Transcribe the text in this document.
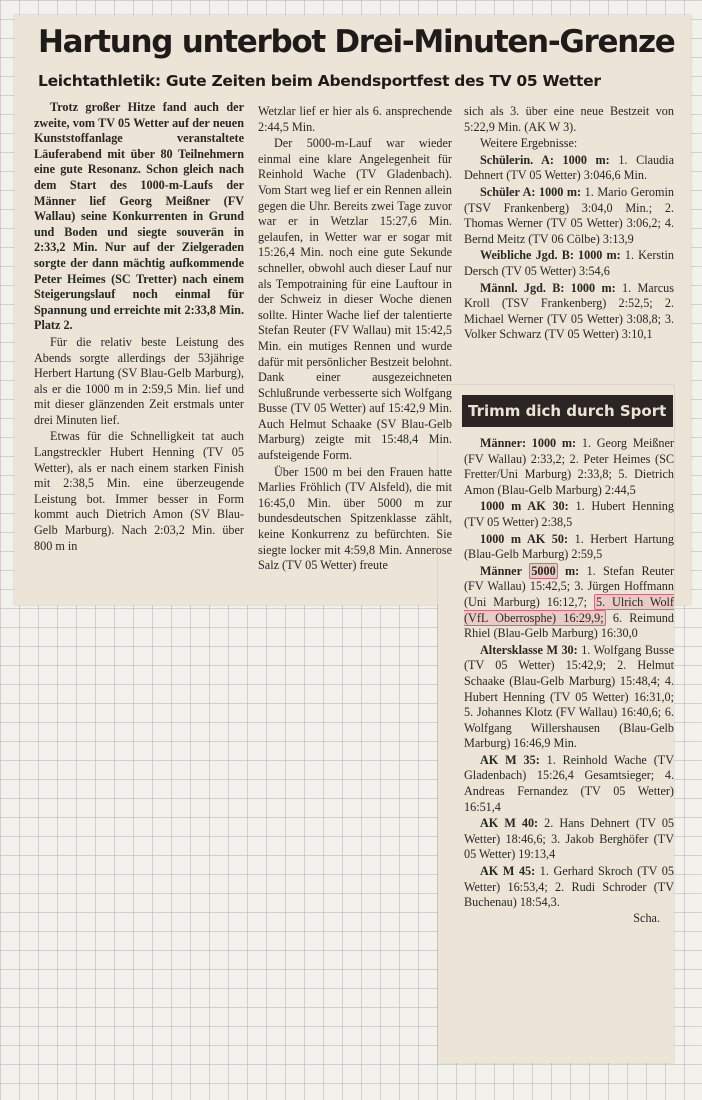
Hartung unterbot Drei-Minuten-Grenze
Leichtathletik: Gute Zeiten beim Abendsportfest des TV 05 Wetter

Trotz großer Hitze fand auch der zweite, vom TV 05 Wetter auf der neuen Kunststoffanlage veranstaltete Läuferabend mit über 80 Teilnehmern eine gute Resonanz. Schon gleich nach dem Start des 1000-m-Laufs der Männer lief Georg Meißner (FV Wallau) seine Konkurrenten in Grund und Boden und siegte souverän in 2:33,2 Min. Nur auf der Zielgeraden sorgte der dann mächtig aufkommende Peter Heimes (SC Tretter) nach einem Steigerungslauf noch einmal für Spannung und erreichte mit 2:33,8 Min. Platz 2.

Für die relativ beste Leistung des Abends sorgte allerdings der 53jährige Herbert Hartung (SV Blau-Gelb Marburg), als er die 1000 m in 2:59,5 Min. lief und mit dieser glänzenden Zeit erstmals unter drei Minuten lief.

Etwas für die Schnelligkeit tat auch Langstreckler Hubert Henning (TV 05 Wetter), als er nach einem starken Finish mit 2:38,5 Min. eine überzeugende Leistung bot. Immer besser in Form kommt auch Dietrich Amon (SV Blau-Gelb Marburg). Nach 2:03,2 Min. über 800 m in

Wetzlar lief er hier als 6. ansprechende 2:44,5 Min.

Der 5000-m-Lauf war wieder einmal eine klare Angelegenheit für Reinhold Wache (TV Gladenbach). Vom Start weg lief er ein Rennen allein gegen die Uhr. Bereits zwei Tage zuvor war er in Wetzlar 15:27,6 Min. gelaufen, in Wetter war er sogar mit 15:26,4 Min. noch eine gute Sekunde schneller, obwohl auch dieser Lauf nur als Tempotraining für eine Lauftour in der Schweiz in dieser Woche dienen sollte. Hinter Wache lief der talentierte Stefan Reuter (FV Wallau) mit 15:42,5 Min. ein mutiges Rennen und wurde dafür mit persönlicher Bestzeit belohnt. Dank einer ausgezeichneten Schlußrunde verbesserte sich Wolfgang Busse (TV 05 Wetter) auf 15:42,9 Min. Auch Helmut Schaake (SV Blau-Gelb Marburg) zeigte mit 15:48,4 Min. aufsteigende Form.

Über 1500 m bei den Frauen hatte Marlies Fröhlich (TV Alsfeld), die mit 16:45,0 Min. über 5000 m zur bundesdeutschen Spitzenklasse zählt, keine Konkurrenz zu befürchten. Sie siegte locker mit 4:59,8 Min. Annerose Salz (TV 05 Wetter) freute

sich als 3. über eine neue Bestzeit von 5:22,9 Min. (AK W 3).

Weitere Ergebnisse:

Schülerin. A: 1000 m: 1. Claudia Dehnert (TV 05 Wetter) 3:046,6 Min.

Schüler A: 1000 m: 1. Mario Geromin (TSV Frankenberg) 3:04,0 Min.; 2. Thomas Werner (TV 05 Wetter) 3:06,2; 4. Bernd Meitz (TV 06 Cölbe) 3:13,9

Weibliche Jgd. B: 1000 m: 1. Kerstin Dersch (TV 05 Wetter) 3:54,6

Männl. Jgd. B: 1000 m: 1. Marcus Kroll (TSV Frankenberg) 2:52,5; 2. Michael Werner (TV 05 Wetter) 3:08,8; 3. Volker Schwarz (TV 05 Wetter) 3:10,1

Trimm dich durch Sport

Männer: 1000 m: 1. Georg Meißner (FV Wallau) 2:33,2; 2. Peter Heimes (SC Fretter/Uni Marburg) 2:33,8; 5. Dietrich Amon (Blau-Gelb Marburg) 2:44,5

1000 m AK 30: 1. Hubert Henning (TV 05 Wetter) 2:38,5

1000 m AK 50: 1. Herbert Hartung (Blau-Gelb Marburg) 2:59,5

Männer 5000 m: 1. Stefan Reuter (FV Wallau) 15:42,5; 3. Jürgen Hoffmann (Uni Marburg) 16:12,7; 5. Ulrich Wolf (VfL Oberrosphe) 16:29,9; 6. Reimund Rhiel (Blau-Gelb Marburg) 16:30,0

Altersklasse M 30: 1. Wolfgang Busse (TV 05 Wetter) 15:42,9; 2. Helmut Schaake (Blau-Gelb Marburg) 15:48,4; 4. Hubert Henning (TV 05 Wetter) 16:31,0; 5. Johannes Klotz (FV Wallau) 16:40,6; 6. Wolfgang Willershausen (Blau-Gelb Marburg) 16:46,9 Min.

AK M 35: 1. Reinhold Wache (TV Gladenbach) 15:26,4 Gesamtsieger; 4. Andreas Fernandez (TV 05 Wetter) 16:51,4

AK M 40: 2. Hans Dehnert (TV 05 Wetter) 18:46,6; 3. Jakob Berghöfer (TV 05 Wetter) 19:13,4

AK M 45: 1. Gerhard Skroch (TV 05 Wetter) 16:53,4; 2. Rudi Schroder (TV Buchenau) 18:54,3.

Scha.
